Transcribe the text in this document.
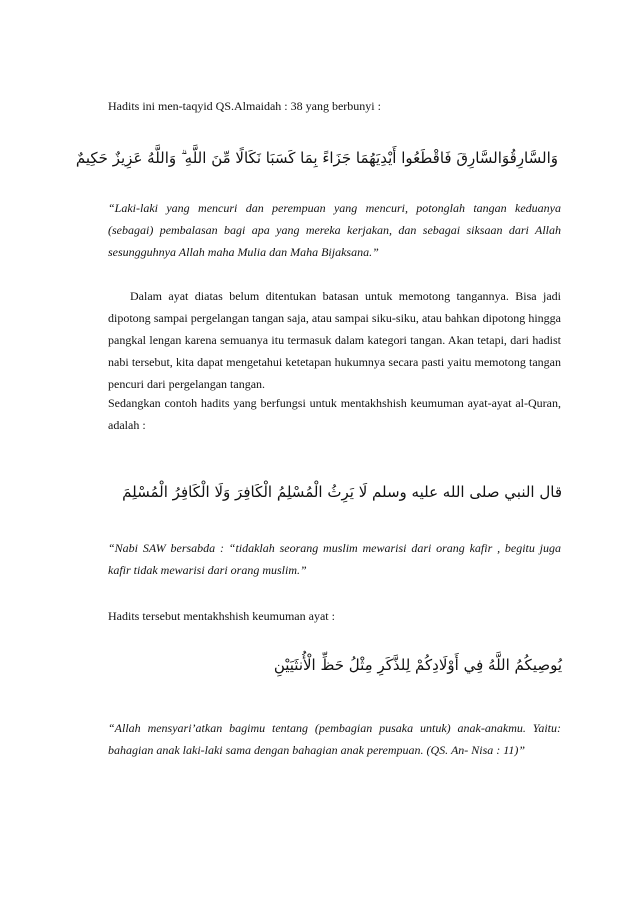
Hadits ini men-taqyid QS.Almaidah : 38 yang berbunyi :

وَالسَّارِقُوَالسَّارِقَ فَاقْطَعُوا أَيْدِيَهُمَا جَزَاءً بِمَا كَسَبَا نَكَالًا مِّنَ اللَّهِ ۗ وَاللَّهُ عَزِيزٌ حَكِيمٌ

“Laki-laki yang mencuri dan perempuan yang mencuri, potonglah tangan keduanya (sebagai) pembalasan bagi apa yang mereka kerjakan, dan sebagai siksaan dari Allah sesungguhnya Allah maha Mulia dan Maha Bijaksana.”

Dalam ayat diatas belum ditentukan batasan untuk memotong tangannya. Bisa jadi dipotong sampai pergelangan tangan saja, atau sampai siku-siku, atau bahkan dipotong hingga pangkal lengan karena semuanya itu termasuk dalam kategori tangan. Akan tetapi, dari hadist nabi tersebut, kita dapat mengetahui ketetapan hukumnya secara pasti yaitu memotong tangan pencuri dari pergelangan tangan.

Sedangkan contoh hadits yang berfungsi untuk mentakhshish keumuman ayat-ayat al-Quran, adalah :

قال النبي صلى الله عليه وسلم لَا يَرِثُ الْمُسْلِمُ الْكَافِرَ وَلَا الْكَافِرُ الْمُسْلِمَ

“Nabi SAW bersabda : “tidaklah seorang muslim mewarisi dari orang kafir , begitu juga kafir tidak mewarisi dari orang muslim.”

Hadits tersebut mentakhshish keumuman ayat :

يُوصِيكُمُ اللَّهُ فِي أَوْلَادِكُمْ لِلذَّكَرِ مِثْلُ حَظِّ الْأُنثَيَيْنِ

“Allah mensyari’atkan bagimu tentang (pembagian pusaka untuk) anak-anakmu. Yaitu: bahagian anak laki-laki sama dengan bahagian anak perempuan. (QS. An- Nisa : 11)”
